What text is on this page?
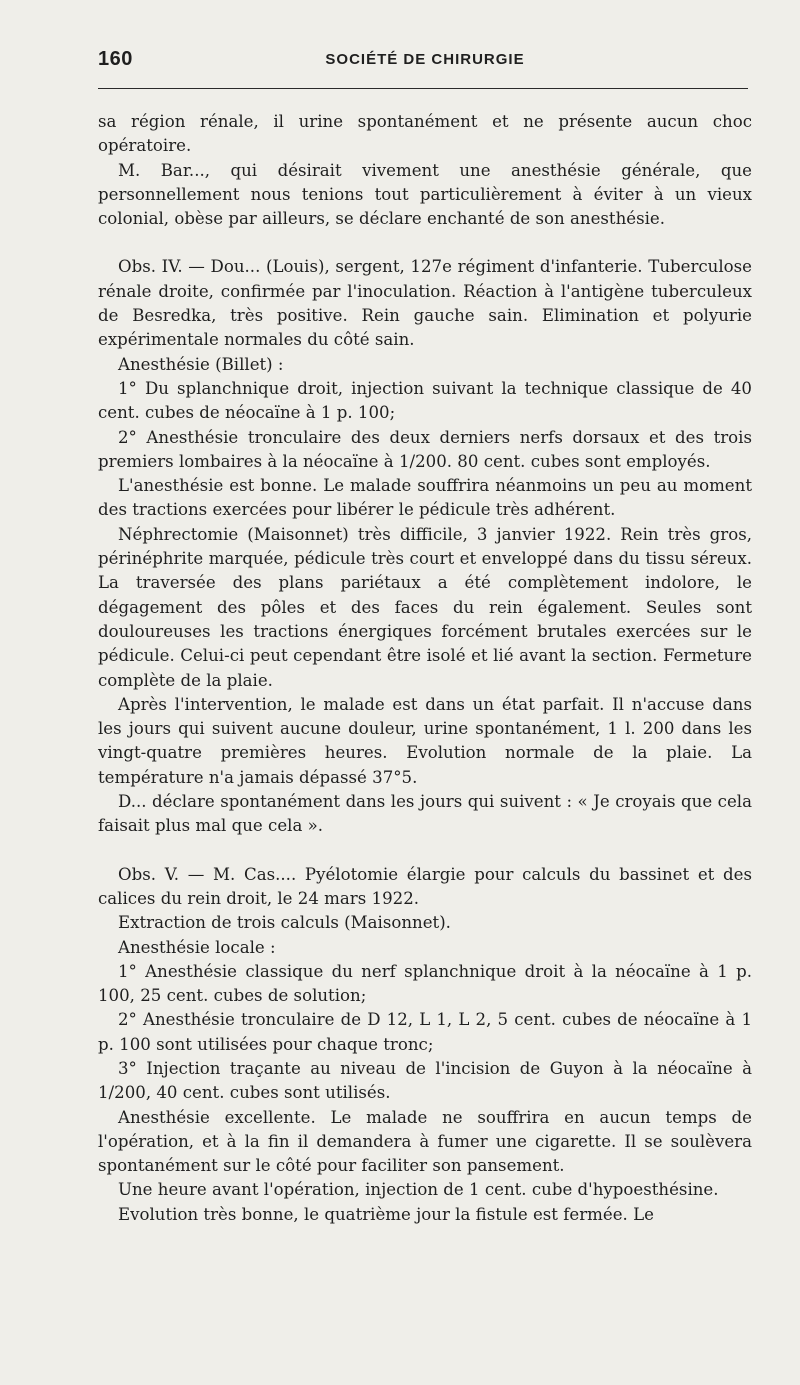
160	SOCIÉTÉ DE CHIRURGIE

sa région rénale, il urine spontanément et ne présente aucun choc opératoire.

M. Bar..., qui désirait vivement une anesthésie générale, que personnellement nous tenions tout particulièrement à éviter à un vieux colonial, obèse par ailleurs, se déclare enchanté de son anesthésie.

Obs. IV. — Dou... (Louis), sergent, 127e régiment d'infanterie. Tuberculose rénale droite, confirmée par l'inoculation. Réaction à l'antigène tuberculeux de Besredka, très positive. Rein gauche sain. Elimination et polyurie expérimentale normales du côté sain.

Anesthésie (Billet) :

1° Du splanchnique droit, injection suivant la technique classique de 40 cent. cubes de néocaïne à 1 p. 100;

2° Anesthésie tronculaire des deux derniers nerfs dorsaux et des trois premiers lombaires à la néocaïne à 1/200. 80 cent. cubes sont employés.

L'anesthésie est bonne. Le malade souffrira néanmoins un peu au moment des tractions exercées pour libérer le pédicule très adhérent.

Néphrectomie (Maisonnet) très difficile, 3 janvier 1922. Rein très gros, périnéphrite marquée, pédicule très court et enveloppé dans du tissu séreux. La traversée des plans pariétaux a été complètement indolore, le dégagement des pôles et des faces du rein également. Seules sont douloureuses les tractions énergiques forcément brutales exercées sur le pédicule. Celui-ci peut cependant être isolé et lié avant la section. Fermeture complète de la plaie.

Après l'intervention, le malade est dans un état parfait. Il n'accuse dans les jours qui suivent aucune douleur, urine spontanément, 1 l. 200 dans les vingt-quatre premières heures. Evolution normale de la plaie. La température n'a jamais dépassé 37°5.

D... déclare spontanément dans les jours qui suivent : « Je croyais que cela faisait plus mal que cela ».

Obs. V. — M. Cas.... Pyélotomie élargie pour calculs du bassinet et des calices du rein droit, le 24 mars 1922.

Extraction de trois calculs (Maisonnet).

Anesthésie locale :

1° Anesthésie classique du nerf splanchnique droit à la néocaïne à 1 p. 100, 25 cent. cubes de solution;

2° Anesthésie tronculaire de D 12, L 1, L 2, 5 cent. cubes de néocaïne à 1 p. 100 sont utilisées pour chaque tronc;

3° Injection traçante au niveau de l'incision de Guyon à la néocaïne à 1/200, 40 cent. cubes sont utilisés.

Anesthésie excellente. Le malade ne souffrira en aucun temps de l'opération, et à la fin il demandera à fumer une cigarette. Il se soulèvera spontanément sur le côté pour faciliter son pansement.

Une heure avant l'opération, injection de 1 cent. cube d'hypoesthésine.

Evolution très bonne, le quatrième jour la fistule est fermée. Le
